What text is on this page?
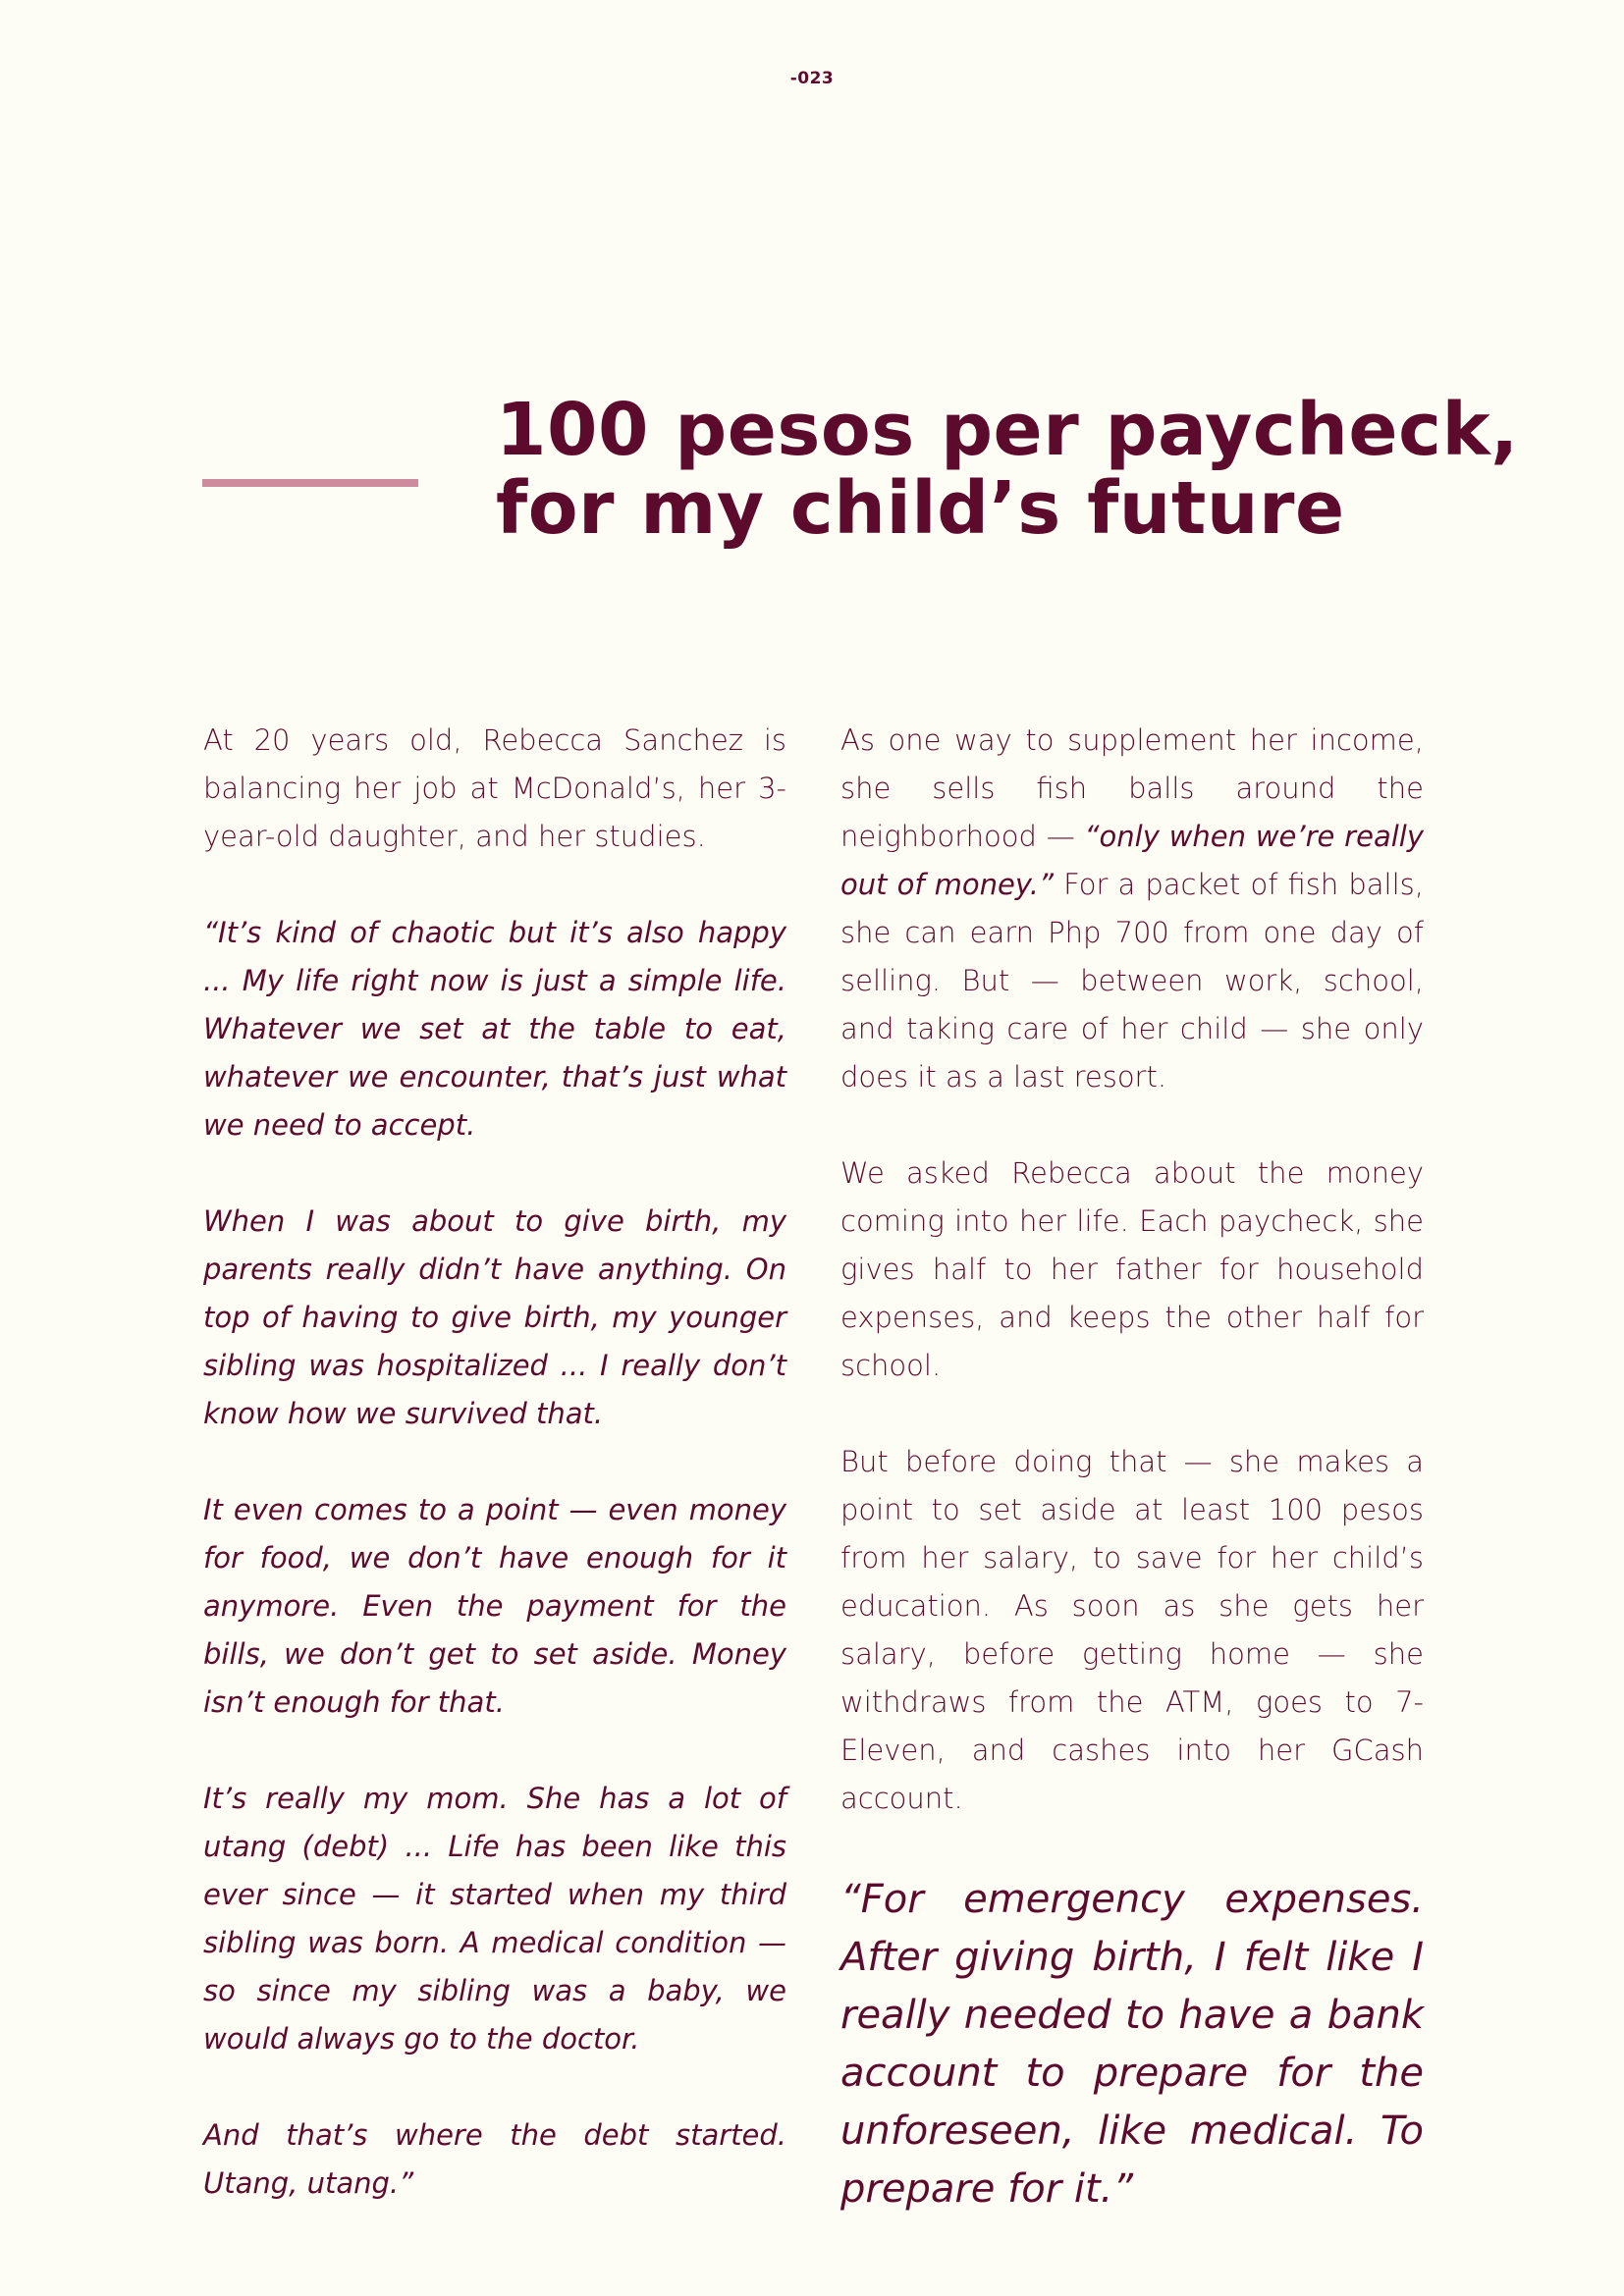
-023
100 pesos per paycheck,
for my child’s future

At 20 years old, Rebecca Sanchez is balancing her job at McDonald’s, her 3-year-old daughter, and her studies.

“It’s kind of chaotic but it’s also happy ... My life right now is just a simple life. Whatever we set at the table to eat, whatever we encounter, that’s just what we need to accept.

When I was about to give birth, my parents really didn’t have anything. On top of having to give birth, my younger sibling was hospitalized ... I really don’t know how we survived that.

It even comes to a point — even money for food, we don’t have enough for it anymore. Even the payment for the bills, we don’t get to set aside. Money isn’t enough for that.

It’s really my mom. She has a lot of utang (debt) ... Life has been like this ever since — it started when my third sibling was born. A medical condition — so since my sibling was a baby, we would always go to the doctor.

And that’s where the debt started. Utang, utang.”

As one way to supplement her income, she sells fish balls around the neighborhood — “only when we’re really out of money.” For a packet of fish balls, she can earn Php 700 from one day of selling. But — between work, school, and taking care of her child — she only does it as a last resort.

We asked Rebecca about the money coming into her life. Each paycheck, she gives half to her father for household expenses, and keeps the other half for school.

But before doing that — she makes a point to set aside at least 100 pesos from her salary, to save for her child’s education. As soon as she gets her salary, before getting home — she withdraws from the ATM, goes to 7-Eleven, and cashes into her GCash account.

“For emergency expenses. After giving birth, I felt like I really needed to have a bank account to prepare for the unforeseen, like medical. To prepare for it.”
